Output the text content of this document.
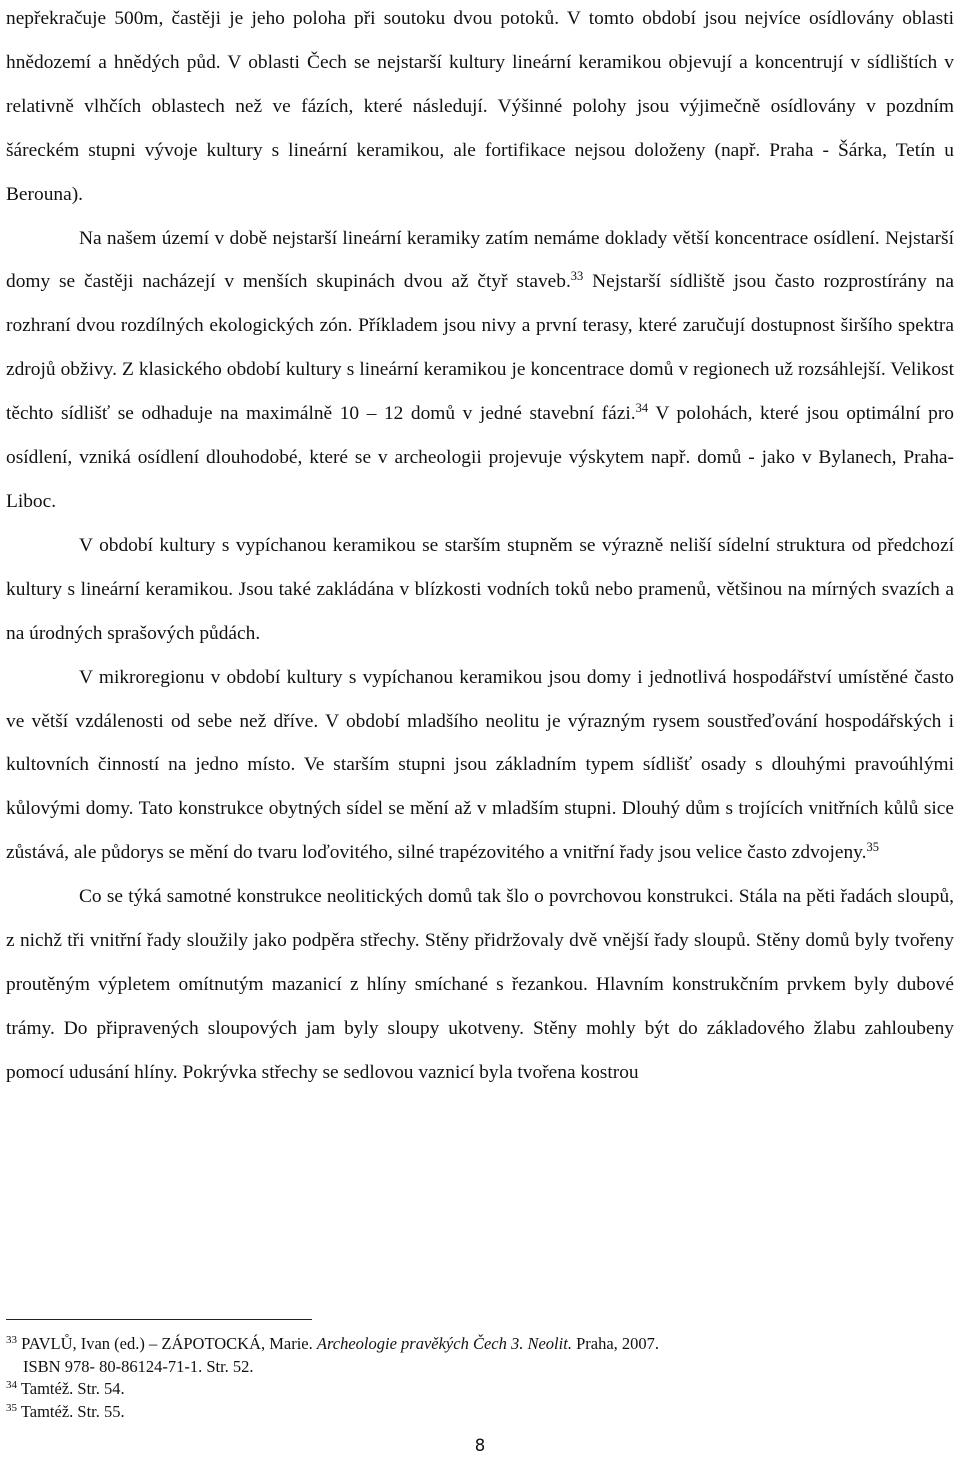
nepřekračuje 500m, častěji je jeho poloha při soutoku dvou potoků. V tomto období jsou nejvíce osídlovány oblasti hnědozemí a hnědých půd. V oblasti Čech se nejstarší kultury lineární keramikou objevují a koncentrují v sídlištích v relativně vlhčích oblastech než ve fázích, které následují. Výšinné polohy jsou výjimečně osídlovány v pozdním šáreckém stupni vývoje kultury s lineární keramikou, ale fortifikace nejsou doloženy (např. Praha - Šárka, Tetín u Berouna).

Na našem území v době nejstarší lineární keramiky zatím nemáme doklady větší koncentrace osídlení. Nejstarší domy se častěji nacházejí v menších skupinách dvou až čtyř staveb.$^{33}$ Nejstarší sídliště jsou často rozprostírány na rozhraní dvou rozdílných ekologických zón. Příkladem jsou nivy a první terasy, které zaručují dostupnost širšího spektra zdrojů obživy. Z klasického období kultury s lineární keramikou je koncentrace domů v regionech už rozsáhlejší. Velikost těchto sídlišť se odhaduje na maximálně 10 – 12 domů v jedné stavební fázi.$^{34}$ V polohách, které jsou optimální pro osídlení, vzniká osídlení dlouhodobé, které se v archeologii projevuje výskytem např. domů - jako v Bylanech, Praha- Liboc.

V období kultury s vypíchanou keramikou se starším stupněm se výrazně neliší sídelní struktura od předchozí kultury s lineární keramikou. Jsou také zakládána v blízkosti vodních toků nebo pramenů, většinou na mírných svazích a na úrodných sprašových půdách.

V mikroregionu v období kultury s vypíchanou keramikou jsou domy i jednotlivá hospodářství umístěné často ve větší vzdálenosti od sebe než dříve. V období mladšího neolitu je výrazným rysem soustřeďování hospodářských i kultovních činností na jedno místo. Ve starším stupni jsou základním typem sídlišť osady s dlouhými pravoúhlými kůlovými domy. Tato konstrukce obytných sídel se mění až v mladším stupni. Dlouhý dům s trojících vnitřních kůlů sice zůstává, ale půdorys se mění do tvaru loďovitého, silné trapézovitého a vnitřní řady jsou velice často zdvojeny.$^{35}$

Co se týká samotné konstrukce neolitických domů tak šlo o povrchovou konstrukci. Stála na pěti řadách sloupů, z nichž tři vnitřní řady sloužily jako podpěra střechy. Stěny přidržovaly dvě vnější řady sloupů. Stěny domů byly tvořeny proutěným výpletem omítnutým mazanicí z hlíny smíchané s řezankou. Hlavním konstrukčním prvkem byly dubové trámy. Do připravených sloupových jam byly sloupy ukotveny. Stěny mohly být do základového žlabu zahloubeny pomocí udusání hlíny. Pokrývka střechy se sedlovou vaznicí byla tvořena kostrou

$^{33}$ PAVLŮ, Ivan (ed.) – ZÁPOTOCKÁ, Marie. Archeologie pravěkých Čech 3. Neolit. Praha, 2007.

ISBN 978- 80-86124-71-1. Str. 52.

$^{34}$ Tamtéž. Str. 54.

$^{35}$ Tamtéž. Str. 55.

8
